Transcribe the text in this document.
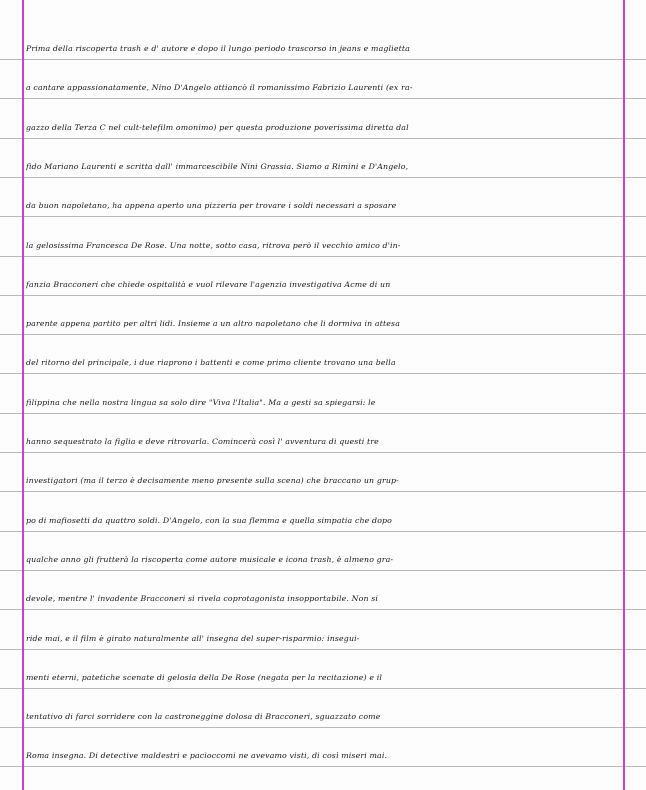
Prima della riscoperta trash e d' autore e dopo il lungo periodo trascorso in jeans e maglietta
a cantare appassionatamente, Nino D'Angelo attiancò il romanissimo Fabrizio Laurenti (ex ra-
gazzo della Terza C nel cult-telefilm omonimo) per questa produzione poverissima diretta dal
fido Mariano Laurenti e scritta dall' immarcescibile Nini Grassia. Siamo a Rimini e D'Angelo,
da buon napoletano, ha appena aperto una pizzeria per trovare i soldi necessari a sposare
la gelosissima Francesca De Rose. Una notte, sotto casa, ritrova però il vecchio amico d'in-
fanzia Bracconeri che chiede ospitalità e vuol rilevare l'agenzia investigativa Acme di un
parente appena partito per altri lidi. Insieme a un altro napoletano che li dormiva in attesa
del ritorno del principale, i due riaprono i battenti e come primo cliente trovano una bella
filippina che nella nostra lingua sa solo dire "Viva l'Italia". Ma a gesti sa spiegarsi: le
hanno sequestrato la figlia e deve ritrovarla. Comincerà così l' avventura di questi tre
investigatori (ma il terzo è decisamente meno presente sulla scena) che braccano un grup-
po di mafiosetti da quattro soldi. D'Angelo, con la sua flemma e quella simpatia che dopo
qualche anno gli frutterà la riscoperta come autore musicale e icona trash, è almeno gra-
devole, mentre l' invadente Bracconeri si rivela coprotagonista insopportabile. Non si
ride mai, e il film è girato naturalmente all' insegna del super-risparmio: insegui-
menti eterni, patetiche scenate di gelosia della De Rose (negata per la recitazione) e il
tentativo di farci sorridere con la castroneggine dolosa di Bracconeri, sguazzato come
Roma insegna. Di detective maldestri e pacioccomi ne avevamo visti, di così miseri mai.
